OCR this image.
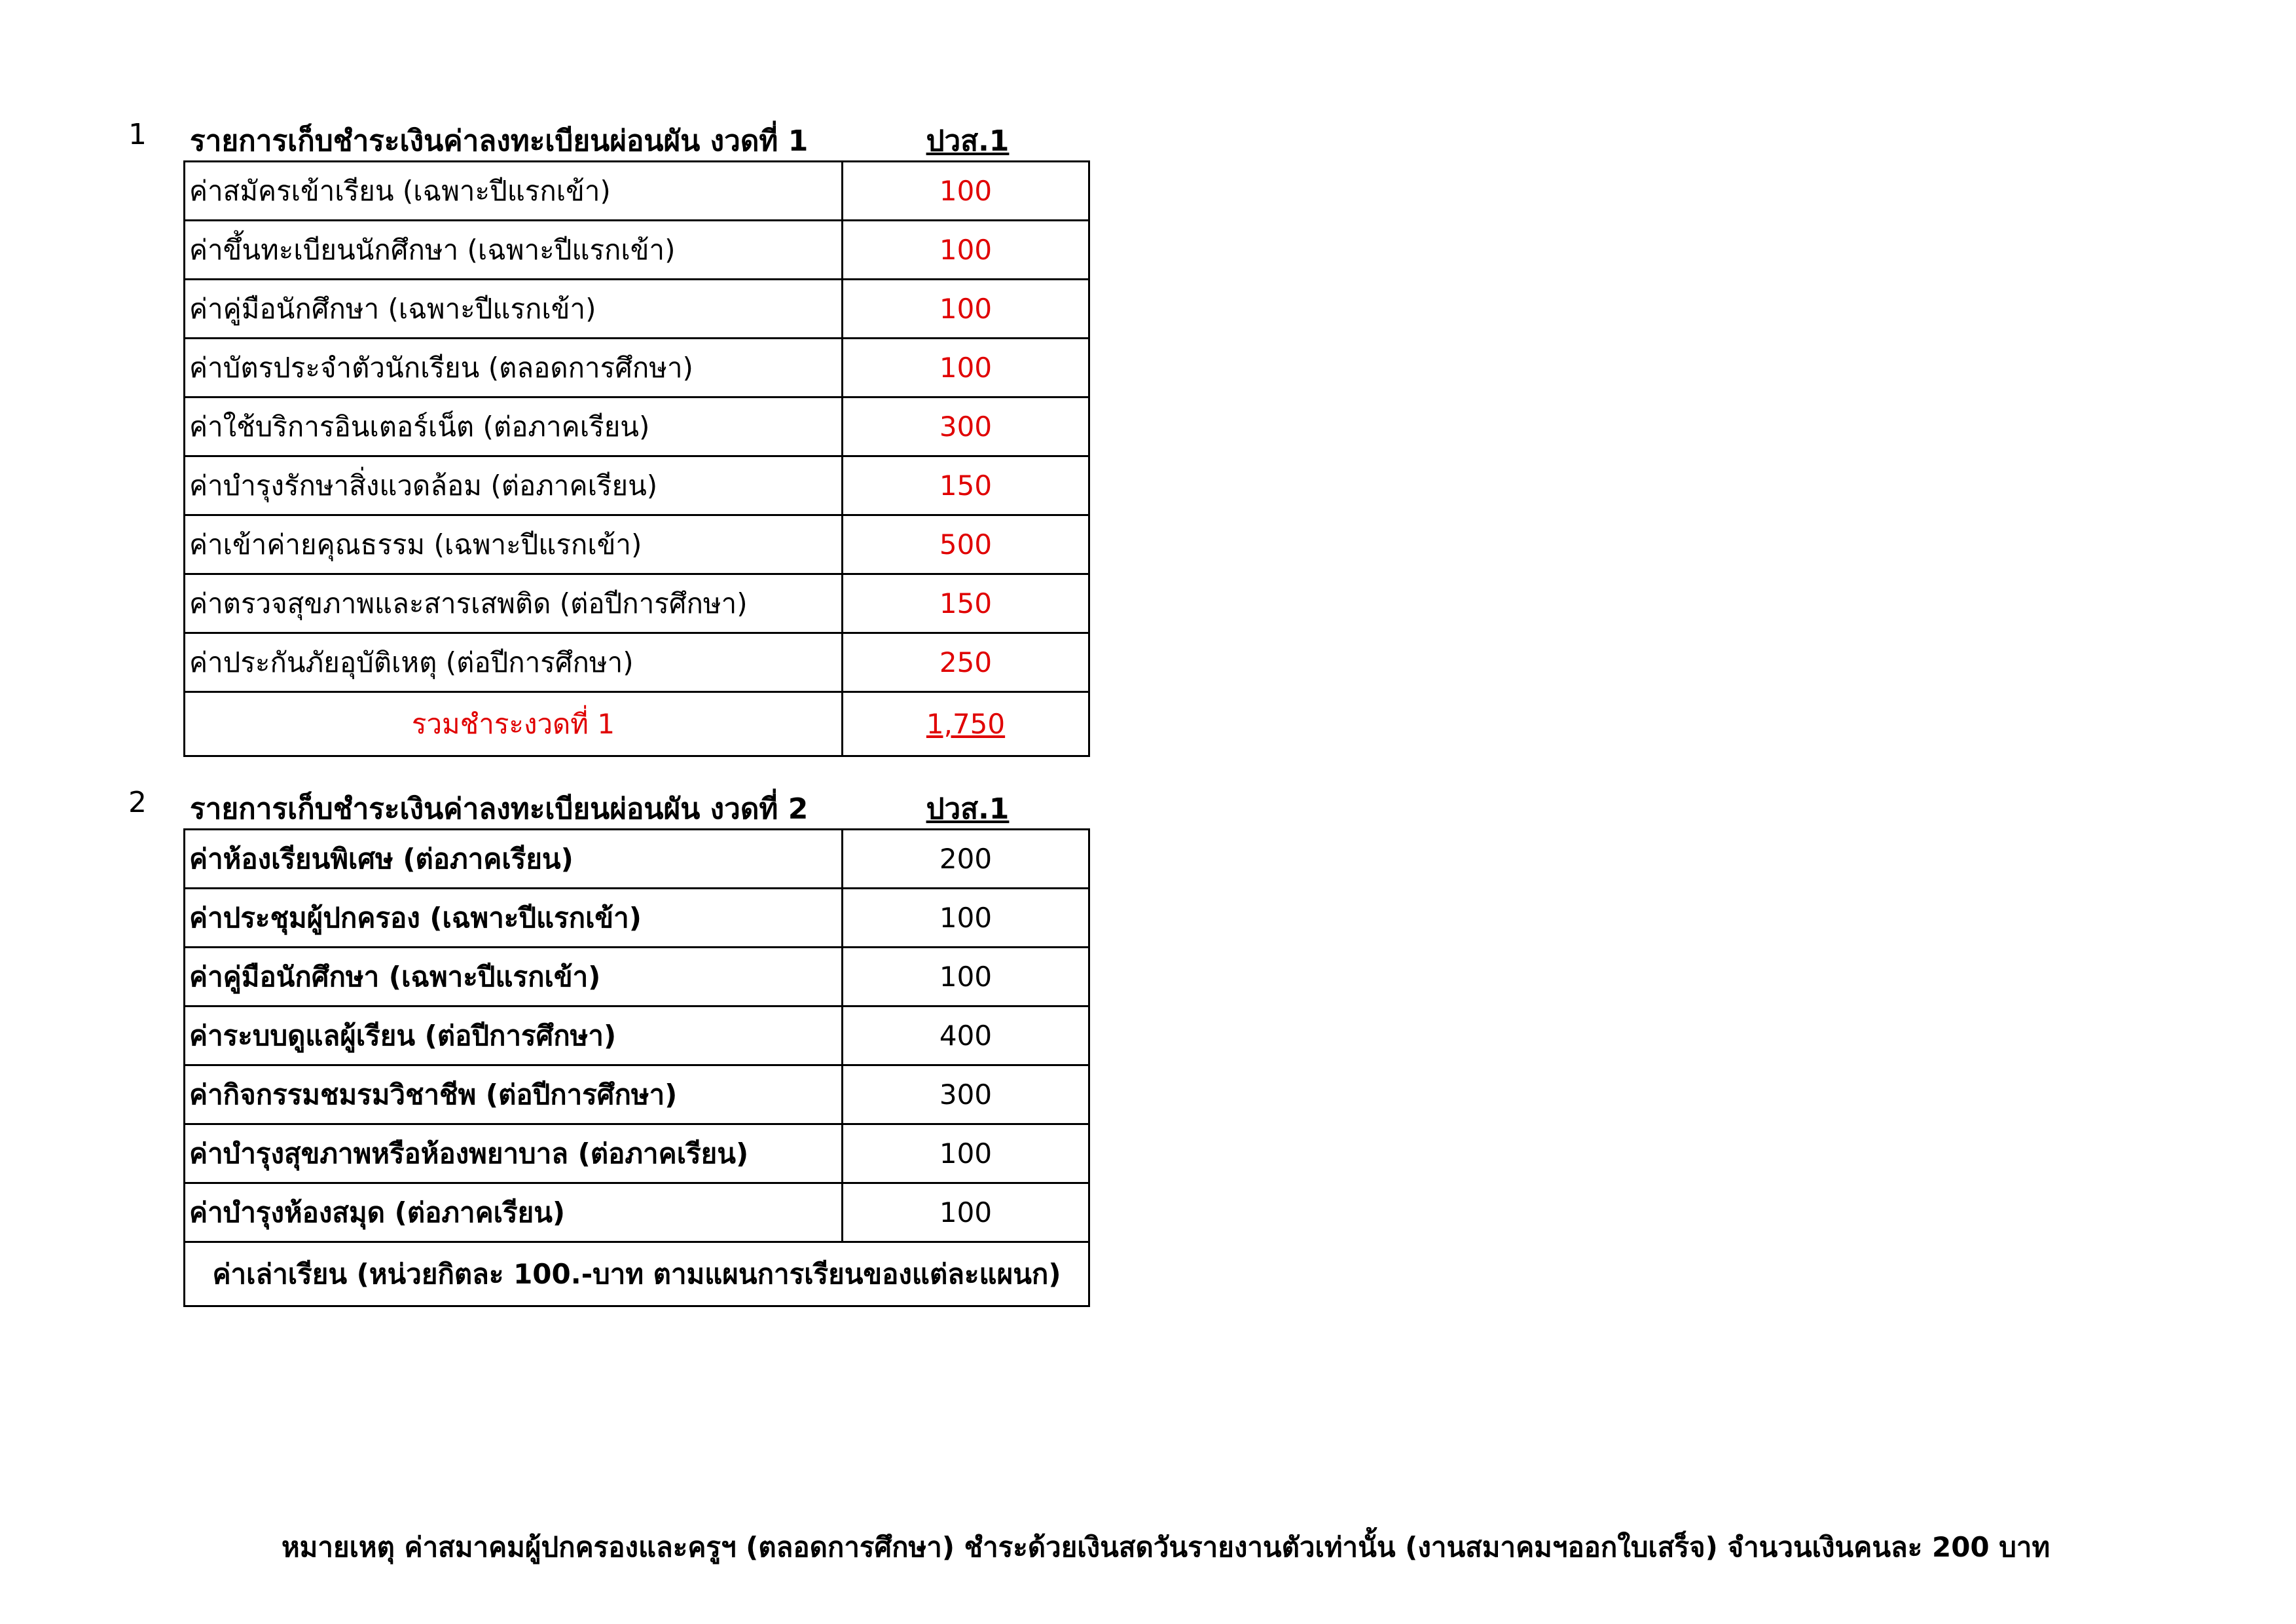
1 รายการเก็บชำระเงินค่าลงทะเบียนผ่อนผัน งวดที่ 1	ปวส.1
ค่าสมัครเข้าเรียน (เฉพาะปีแรกเข้า)	100
ค่าขึ้นทะเบียนนักศึกษา (เฉพาะปีแรกเข้า)	100
ค่าคู่มือนักศึกษา (เฉพาะปีแรกเข้า)	100
ค่าบัตรประจำตัวนักเรียน (ตลอดการศึกษา)	100
ค่าใช้บริการอินเตอร์เน็ต (ต่อภาคเรียน)	300
ค่าบำรุงรักษาสิ่งแวดล้อม (ต่อภาคเรียน)	150
ค่าเข้าค่ายคุณธรรม (เฉพาะปีแรกเข้า)	500
ค่าตรวจสุขภาพและสารเสพติด (ต่อปีการศึกษา)	150
ค่าประกันภัยอุบัติเหตุ (ต่อปีการศึกษา)	250
รวมชำระงวดที่ 1	1,750
2 รายการเก็บชำระเงินค่าลงทะเบียนผ่อนผัน งวดที่ 2	ปวส.1
ค่าห้องเรียนพิเศษ (ต่อภาคเรียน)	200
ค่าประชุมผู้ปกครอง (เฉพาะปีแรกเข้า)	100
ค่าคู่มือนักศึกษา (เฉพาะปีแรกเข้า)	100
ค่าระบบดูแลผู้เรียน (ต่อปีการศึกษา)	400
ค่ากิจกรรมชมรมวิชาชีพ (ต่อปีการศึกษา)	300
ค่าบำรุงสุขภาพหรือห้องพยาบาล (ต่อภาคเรียน)	100
ค่าบำรุงห้องสมุด (ต่อภาคเรียน)	100
ค่าเล่าเรียน (หน่วยกิตละ 100.-บาท ตามแผนการเรียนของแต่ละแผนก)	
หมายเหตุ ค่าสมาคมผู้ปกครองและครูฯ (ตลอดการศึกษา) ชำระด้วยเงินสดวันรายงานตัวเท่านั้น (งานสมาคมฯออกใบเสร็จ) จำนวนเงินคนละ 200 บาท
